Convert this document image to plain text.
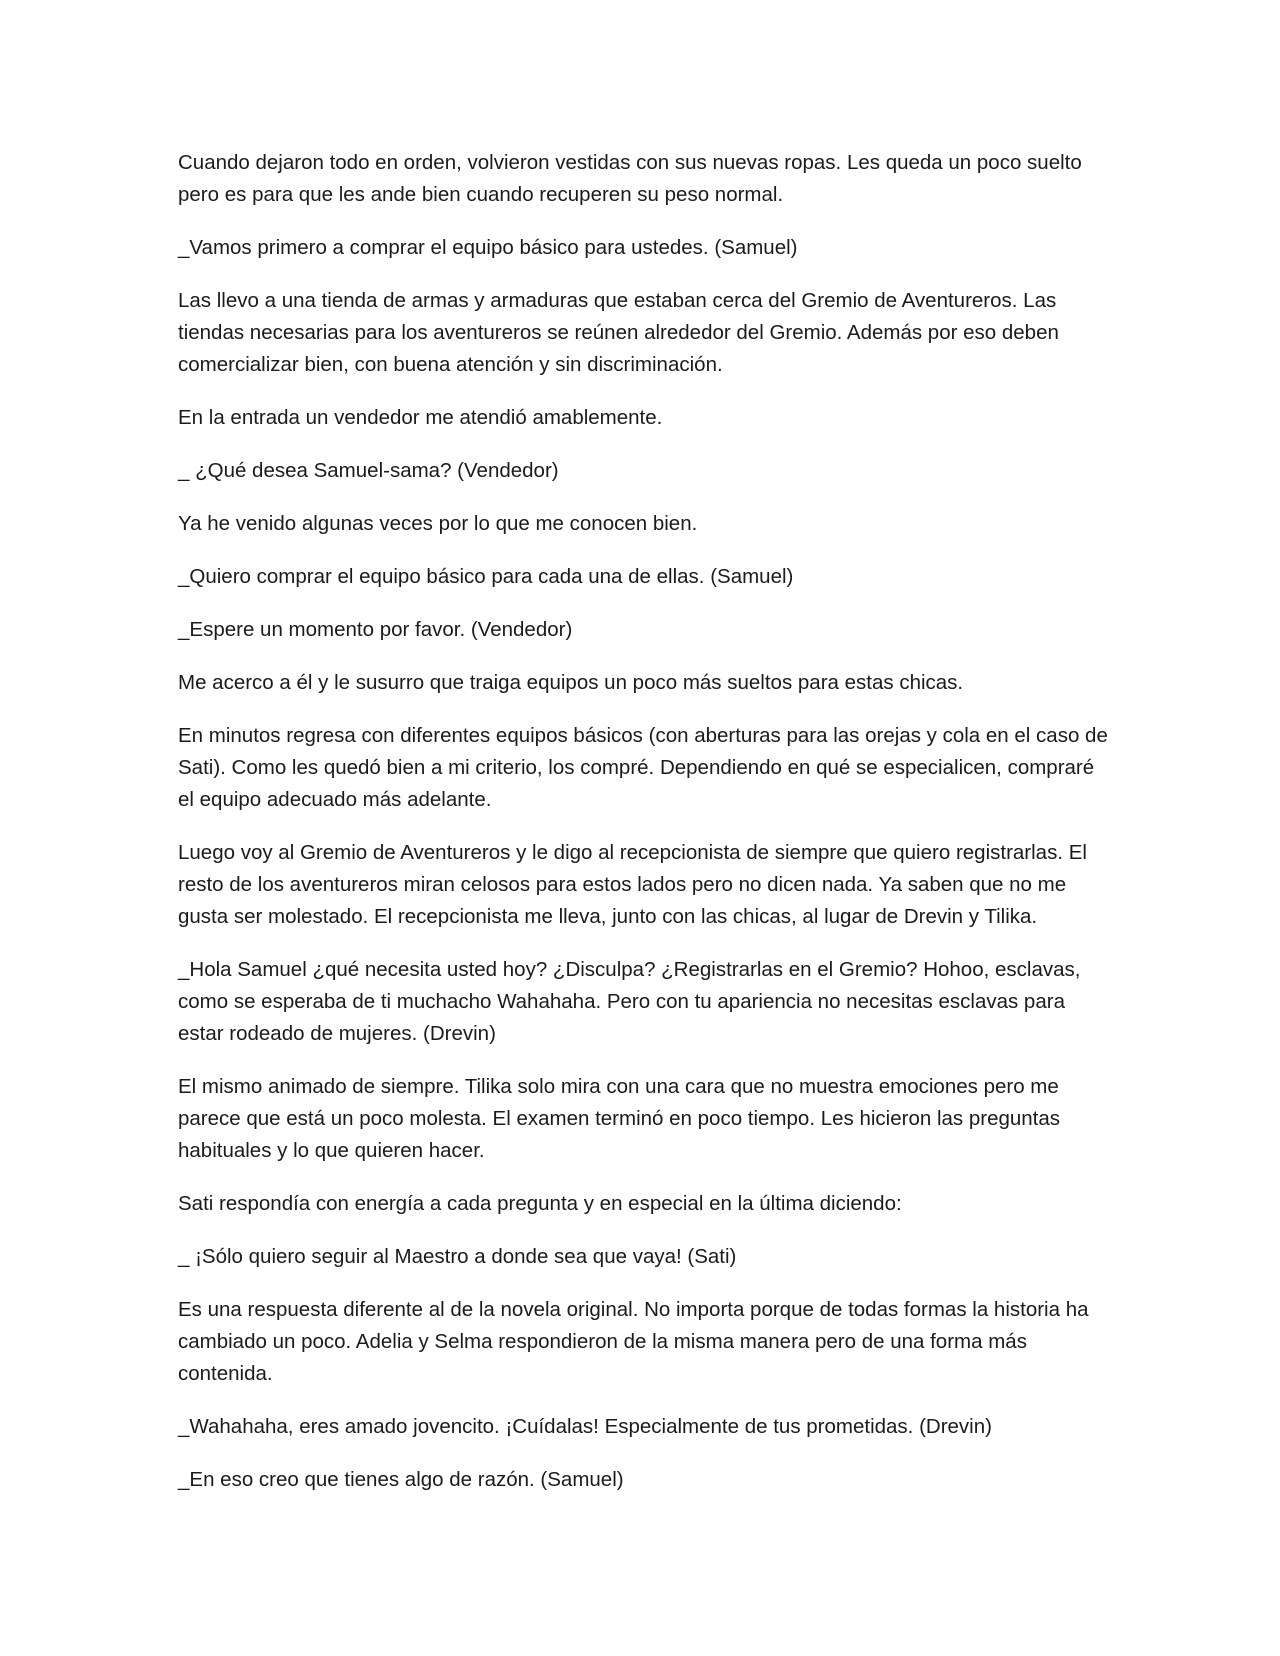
Cuando dejaron todo en orden, volvieron vestidas con sus nuevas ropas. Les queda un poco suelto pero es para que les ande bien cuando recuperen su peso normal.

_Vamos primero a comprar el equipo básico para ustedes. (Samuel)

Las llevo a una tienda de armas y armaduras que estaban cerca del Gremio de Aventureros. Las tiendas necesarias para los aventureros se reúnen alrededor del Gremio. Además por eso deben comercializar bien, con buena atención y sin discriminación.

En la entrada un vendedor me atendió amablemente.

_ ¿Qué desea Samuel-sama? (Vendedor)

Ya he venido algunas veces por lo que me conocen bien.

_Quiero comprar el equipo básico para cada una de ellas. (Samuel)

_Espere un momento por favor. (Vendedor)

Me acerco a él y le susurro que traiga equipos un poco más sueltos para estas chicas.

En minutos regresa con diferentes equipos básicos (con aberturas para las orejas y cola en el caso de Sati). Como les quedó bien a mi criterio, los compré. Dependiendo en qué se especialicen, compraré el equipo adecuado más adelante.

Luego voy al Gremio de Aventureros y le digo al recepcionista de siempre que quiero registrarlas. El resto de los aventureros miran celosos para estos lados pero no dicen nada. Ya saben que no me gusta ser molestado. El recepcionista me lleva, junto con las chicas, al lugar de Drevin y Tilika.

_Hola Samuel ¿qué necesita usted hoy? ¿Disculpa? ¿Registrarlas en el Gremio? Hohoo, esclavas, como se esperaba de ti muchacho Wahahaha. Pero con tu apariencia no necesitas esclavas para estar rodeado de mujeres. (Drevin)

El mismo animado de siempre. Tilika solo mira con una cara que no muestra emociones pero me parece que está un poco molesta. El examen terminó en poco tiempo. Les hicieron las preguntas habituales y lo que quieren hacer.

Sati respondía con energía a cada pregunta y en especial en la última diciendo:

_ ¡Sólo quiero seguir al Maestro a donde sea que vaya! (Sati)

Es una respuesta diferente al de la novela original. No importa porque de todas formas la historia ha cambiado un poco. Adelia y Selma respondieron de la misma manera pero de una forma más contenida.

_Wahahaha, eres amado jovencito. ¡Cuídalas! Especialmente de tus prometidas. (Drevin)

_En eso creo que tienes algo de razón. (Samuel)
